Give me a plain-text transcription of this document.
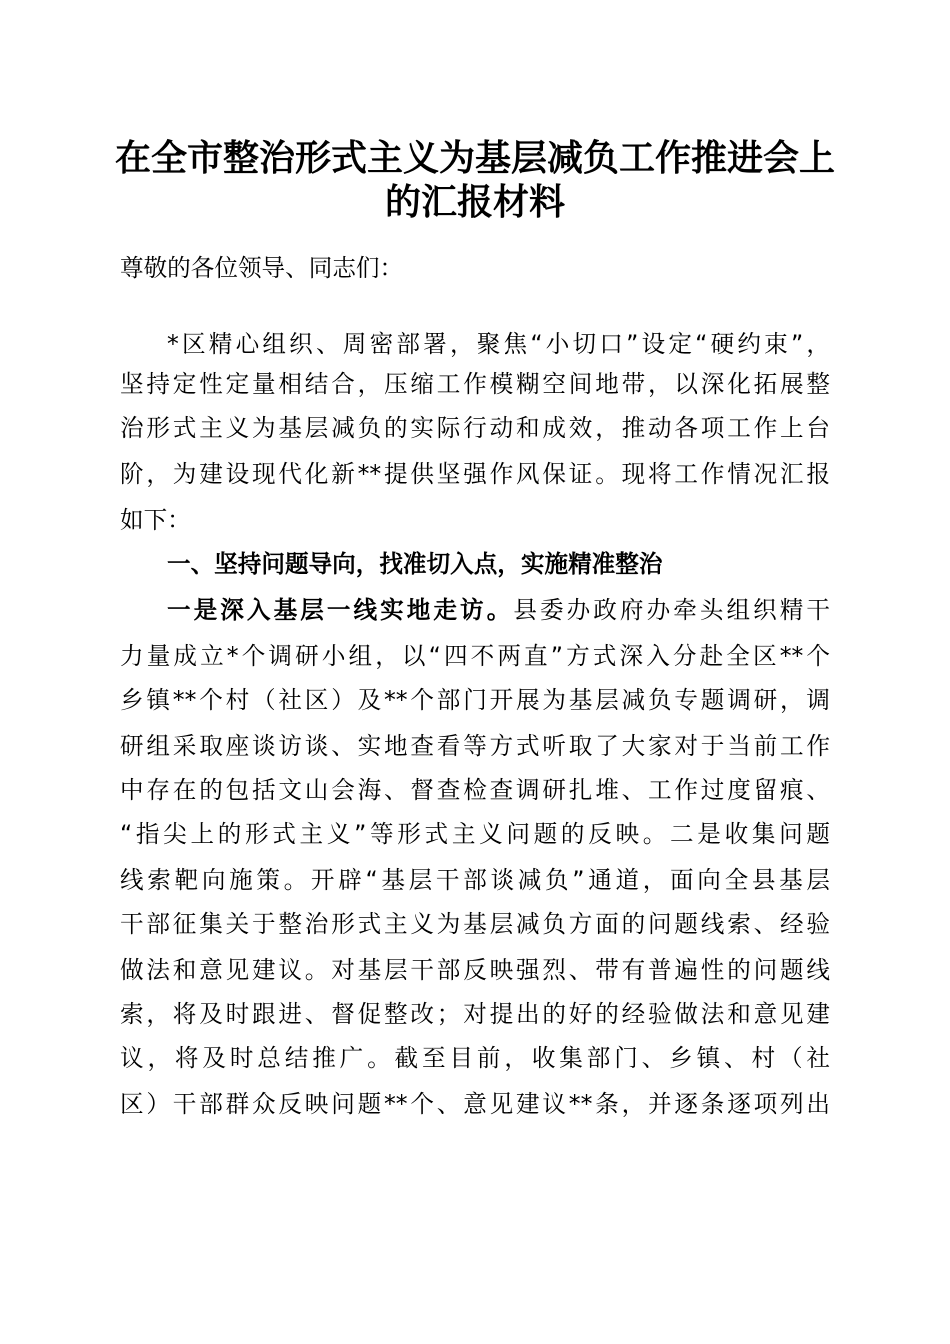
在全市整治形式主义为基层减负工作推进会上
的汇报材料
尊敬的各位领导、同志们：
*区精心组织、周密部署，聚焦“小切口”设定“硬约束”，
坚持定性定量相结合，压缩工作模糊空间地带，以深化拓展整
治形式主义为基层减负的实际行动和成效，推动各项工作上台
阶，为建设现代化新**提供坚强作风保证。现将工作情况汇报
如下：
一、坚持问题导向，找准切入点，实施精准整治
一是深入基层一线实地走访。县委办政府办牵头组织精干
力量成立*个调研小组，以“四不两直”方式深入分赴全区**个
乡镇**个村（社区）及**个部门开展为基层减负专题调研，调
研组采取座谈访谈、实地查看等方式听取了大家对于当前工作
中存在的包括文山会海、督查检查调研扎堆、工作过度留痕、
“指尖上的形式主义”等形式主义问题的反映。二是收集问题
线索靶向施策。开辟“基层干部谈减负”通道，面向全县基层
干部征集关于整治形式主义为基层减负方面的问题线索、经验
做法和意见建议。对基层干部反映强烈、带有普遍性的问题线
索，将及时跟进、督促整改；对提出的好的经验做法和意见建
议，将及时总结推广。截至目前，收集部门、乡镇、村（社
区）干部群众反映问题**个、意见建议**条，并逐条逐项列出
